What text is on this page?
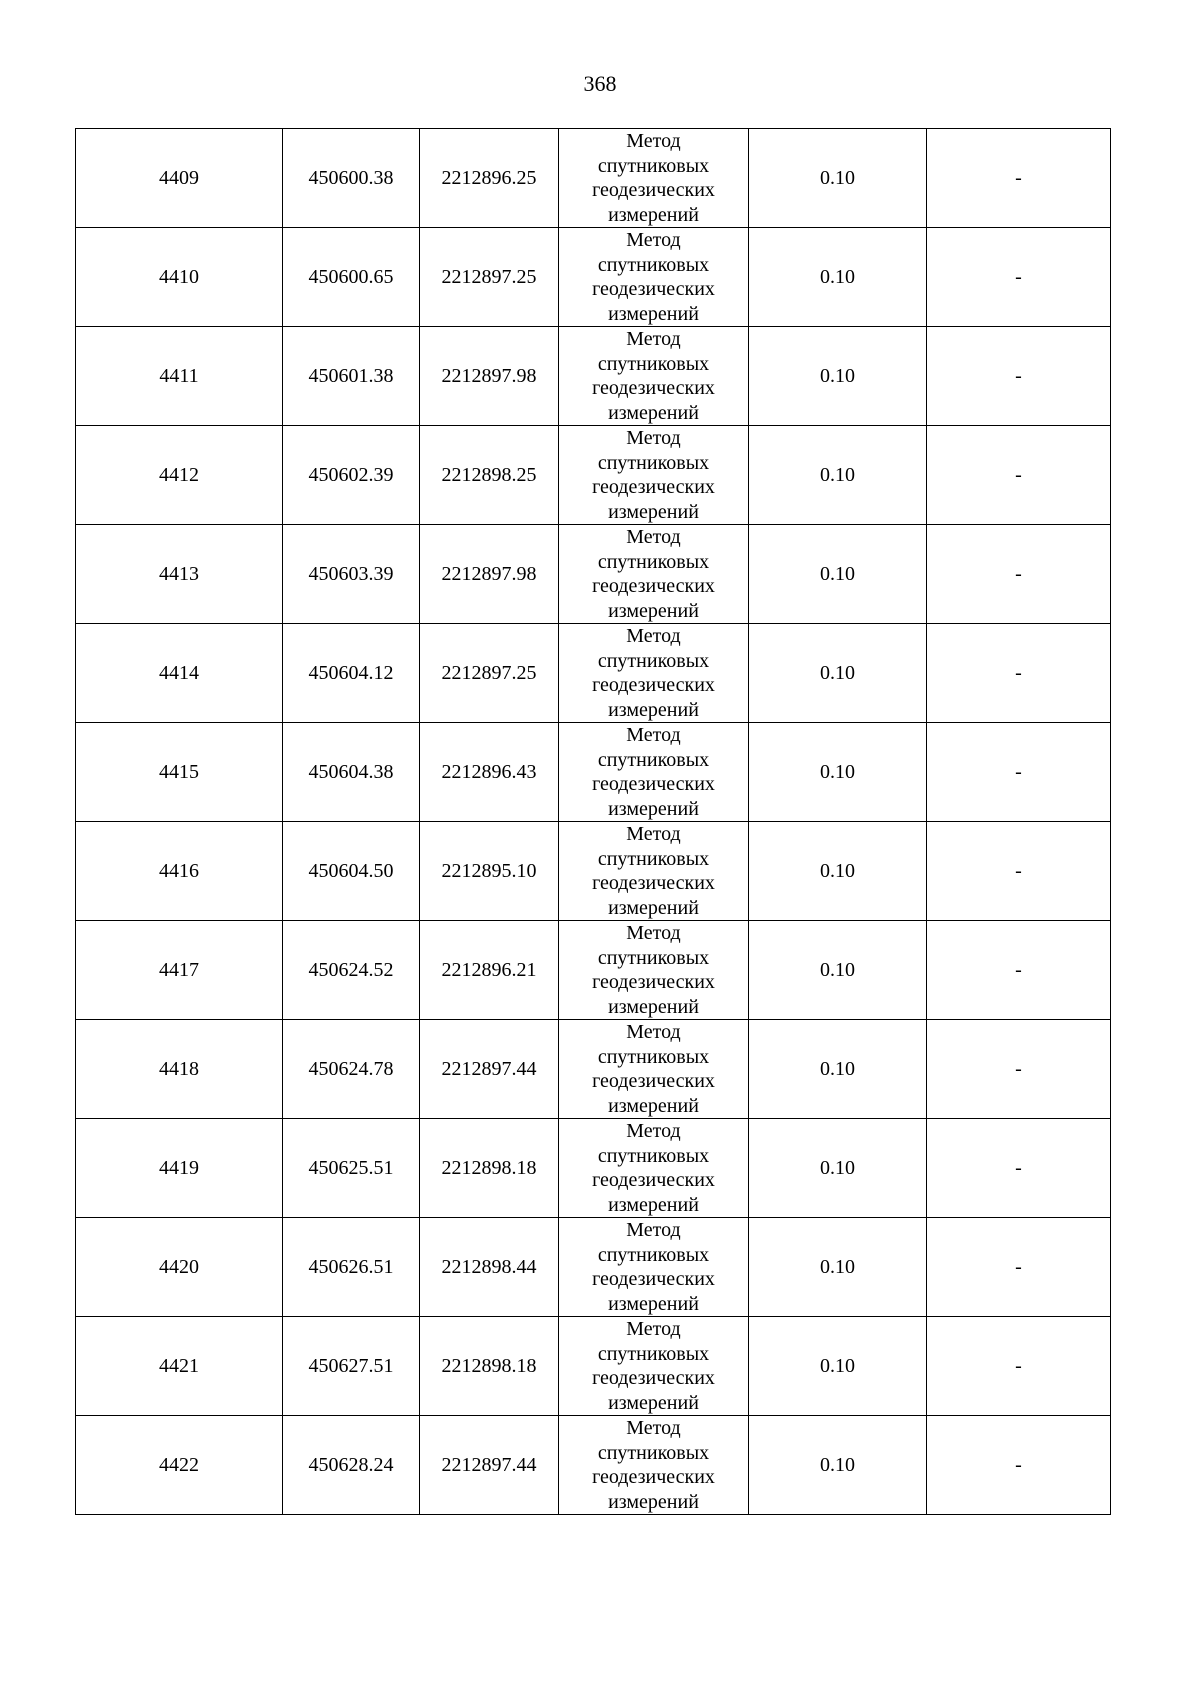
368
4409	450600.38	2212896.25	Метод
спутниковых
геодезических
измерений	0.10	-
4410	450600.65	2212897.25	Метод
спутниковых
геодезических
измерений	0.10	-
4411	450601.38	2212897.98	Метод
спутниковых
геодезических
измерений	0.10	-
4412	450602.39	2212898.25	Метод
спутниковых
геодезических
измерений	0.10	-
4413	450603.39	2212897.98	Метод
спутниковых
геодезических
измерений	0.10	-
4414	450604.12	2212897.25	Метод
спутниковых
геодезических
измерений	0.10	-
4415	450604.38	2212896.43	Метод
спутниковых
геодезических
измерений	0.10	-
4416	450604.50	2212895.10	Метод
спутниковых
геодезических
измерений	0.10	-
4417	450624.52	2212896.21	Метод
спутниковых
геодезических
измерений	0.10	-
4418	450624.78	2212897.44	Метод
спутниковых
геодезических
измерений	0.10	-
4419	450625.51	2212898.18	Метод
спутниковых
геодезических
измерений	0.10	-
4420	450626.51	2212898.44	Метод
спутниковых
геодезических
измерений	0.10	-
4421	450627.51	2212898.18	Метод
спутниковых
геодезических
измерений	0.10	-
4422	450628.24	2212897.44	Метод
спутниковых
геодезических
измерений	0.10	-
